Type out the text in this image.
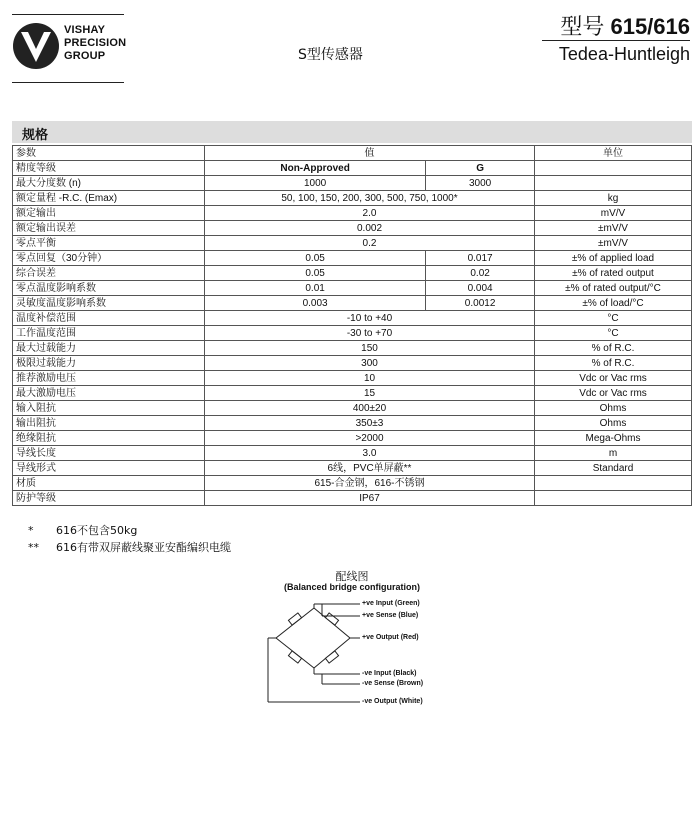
VISHAY
PRECISION
GROUP	S型传感器
型号 615/616
Tedea-Huntleigh
规格
参数	值		单位
精度等级	Non-Approved	G	
最大分度数 (n)	1000	3000	
额定量程 -R.C. (Emax)	50, 100, 150, 200, 300, 500, 750, 1000*		kg
额定输出	2.0		mV/V
额定输出误差	0.002		±mV/V
零点平衡	0.2		±mV/V
零点回复（30分钟）	0.05	0.017	±% of applied load
综合误差	0.05	0.02	±% of rated output
零点温度影响系数	0.01	0.004	±% of rated output/°C
灵敏度温度影响系数	0.003	0.0012	±% of load/°C
温度补偿范围	-10 to +40		°C
工作温度范围	-30 to +70		°C
最大过载能力	150		% of R.C.
极限过载能力	300		% of R.C.
推荐激励电压	10		Vdc or Vac rms
最大激励电压	15		Vdc or Vac rms
输入阻抗	400±20		Ohms
输出阻抗	350±3		Ohms
绝缘阻抗	>2000		Mega-Ohms
导线长度	3.0		m
导线形式	6线，PVC单屏蔽**		Standard
材质	615-合金钢，616-不锈钢		
防护等级	IP67		
* 616不包含50kg
** 616有带双屏蔽线聚亚安酯编织电缆
配线图
(Balanced bridge configuration)
+ve Input (Green)
+ve Sense (Blue)
+ve Output (Red)
-ve Input (Black)
-ve Sense (Brown)
-ve Output (White)
